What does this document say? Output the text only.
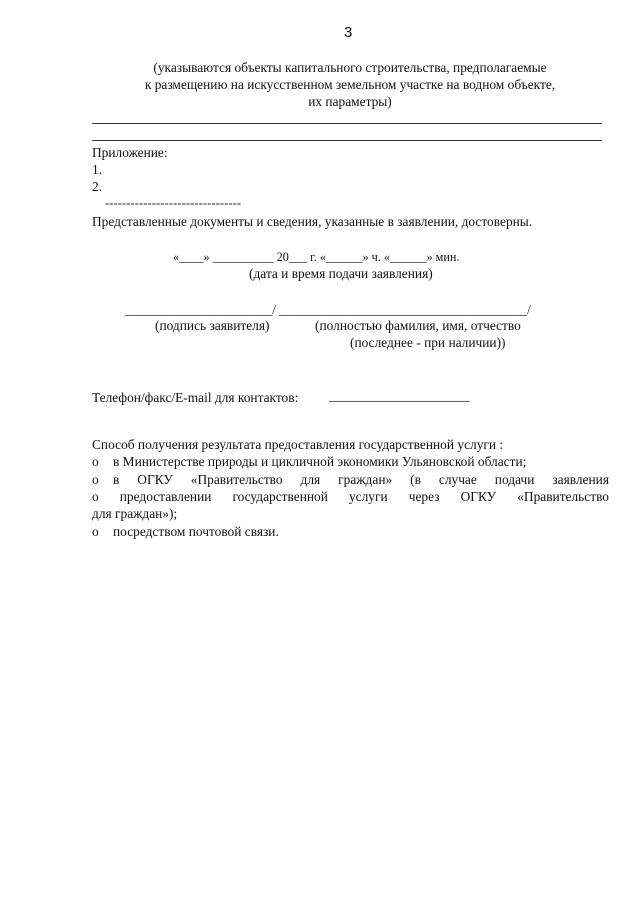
3
(указываются объекты капитального строительства, предполагаемые
к размещению на искусственном земельном участке на водном объекте,
их параметры)
Приложение:
1.
2.
--------------------------------
Представленные документы и сведения, указанные в заявлении, достоверны.
«____» __________ 20___ г. «______» ч. «______» мин.
(дата и время подачи заявления)
______________________/ _____________________________________/
(подпись заявителя)	(полностью фамилия, имя, отчество
(последнее - при наличии))
Телефон/факс/E-mail для контактов: _____________________
Способ получения результата предоставления государственной услуги :
o в Министерстве природы и цикличной экономики Ульяновской области;
o в ОГКУ «Правительство для граждан» (в случае подачи заявления
о предоставлении государственной услуги через ОГКУ «Правительство
для граждан»);
o посредством почтовой связи.
